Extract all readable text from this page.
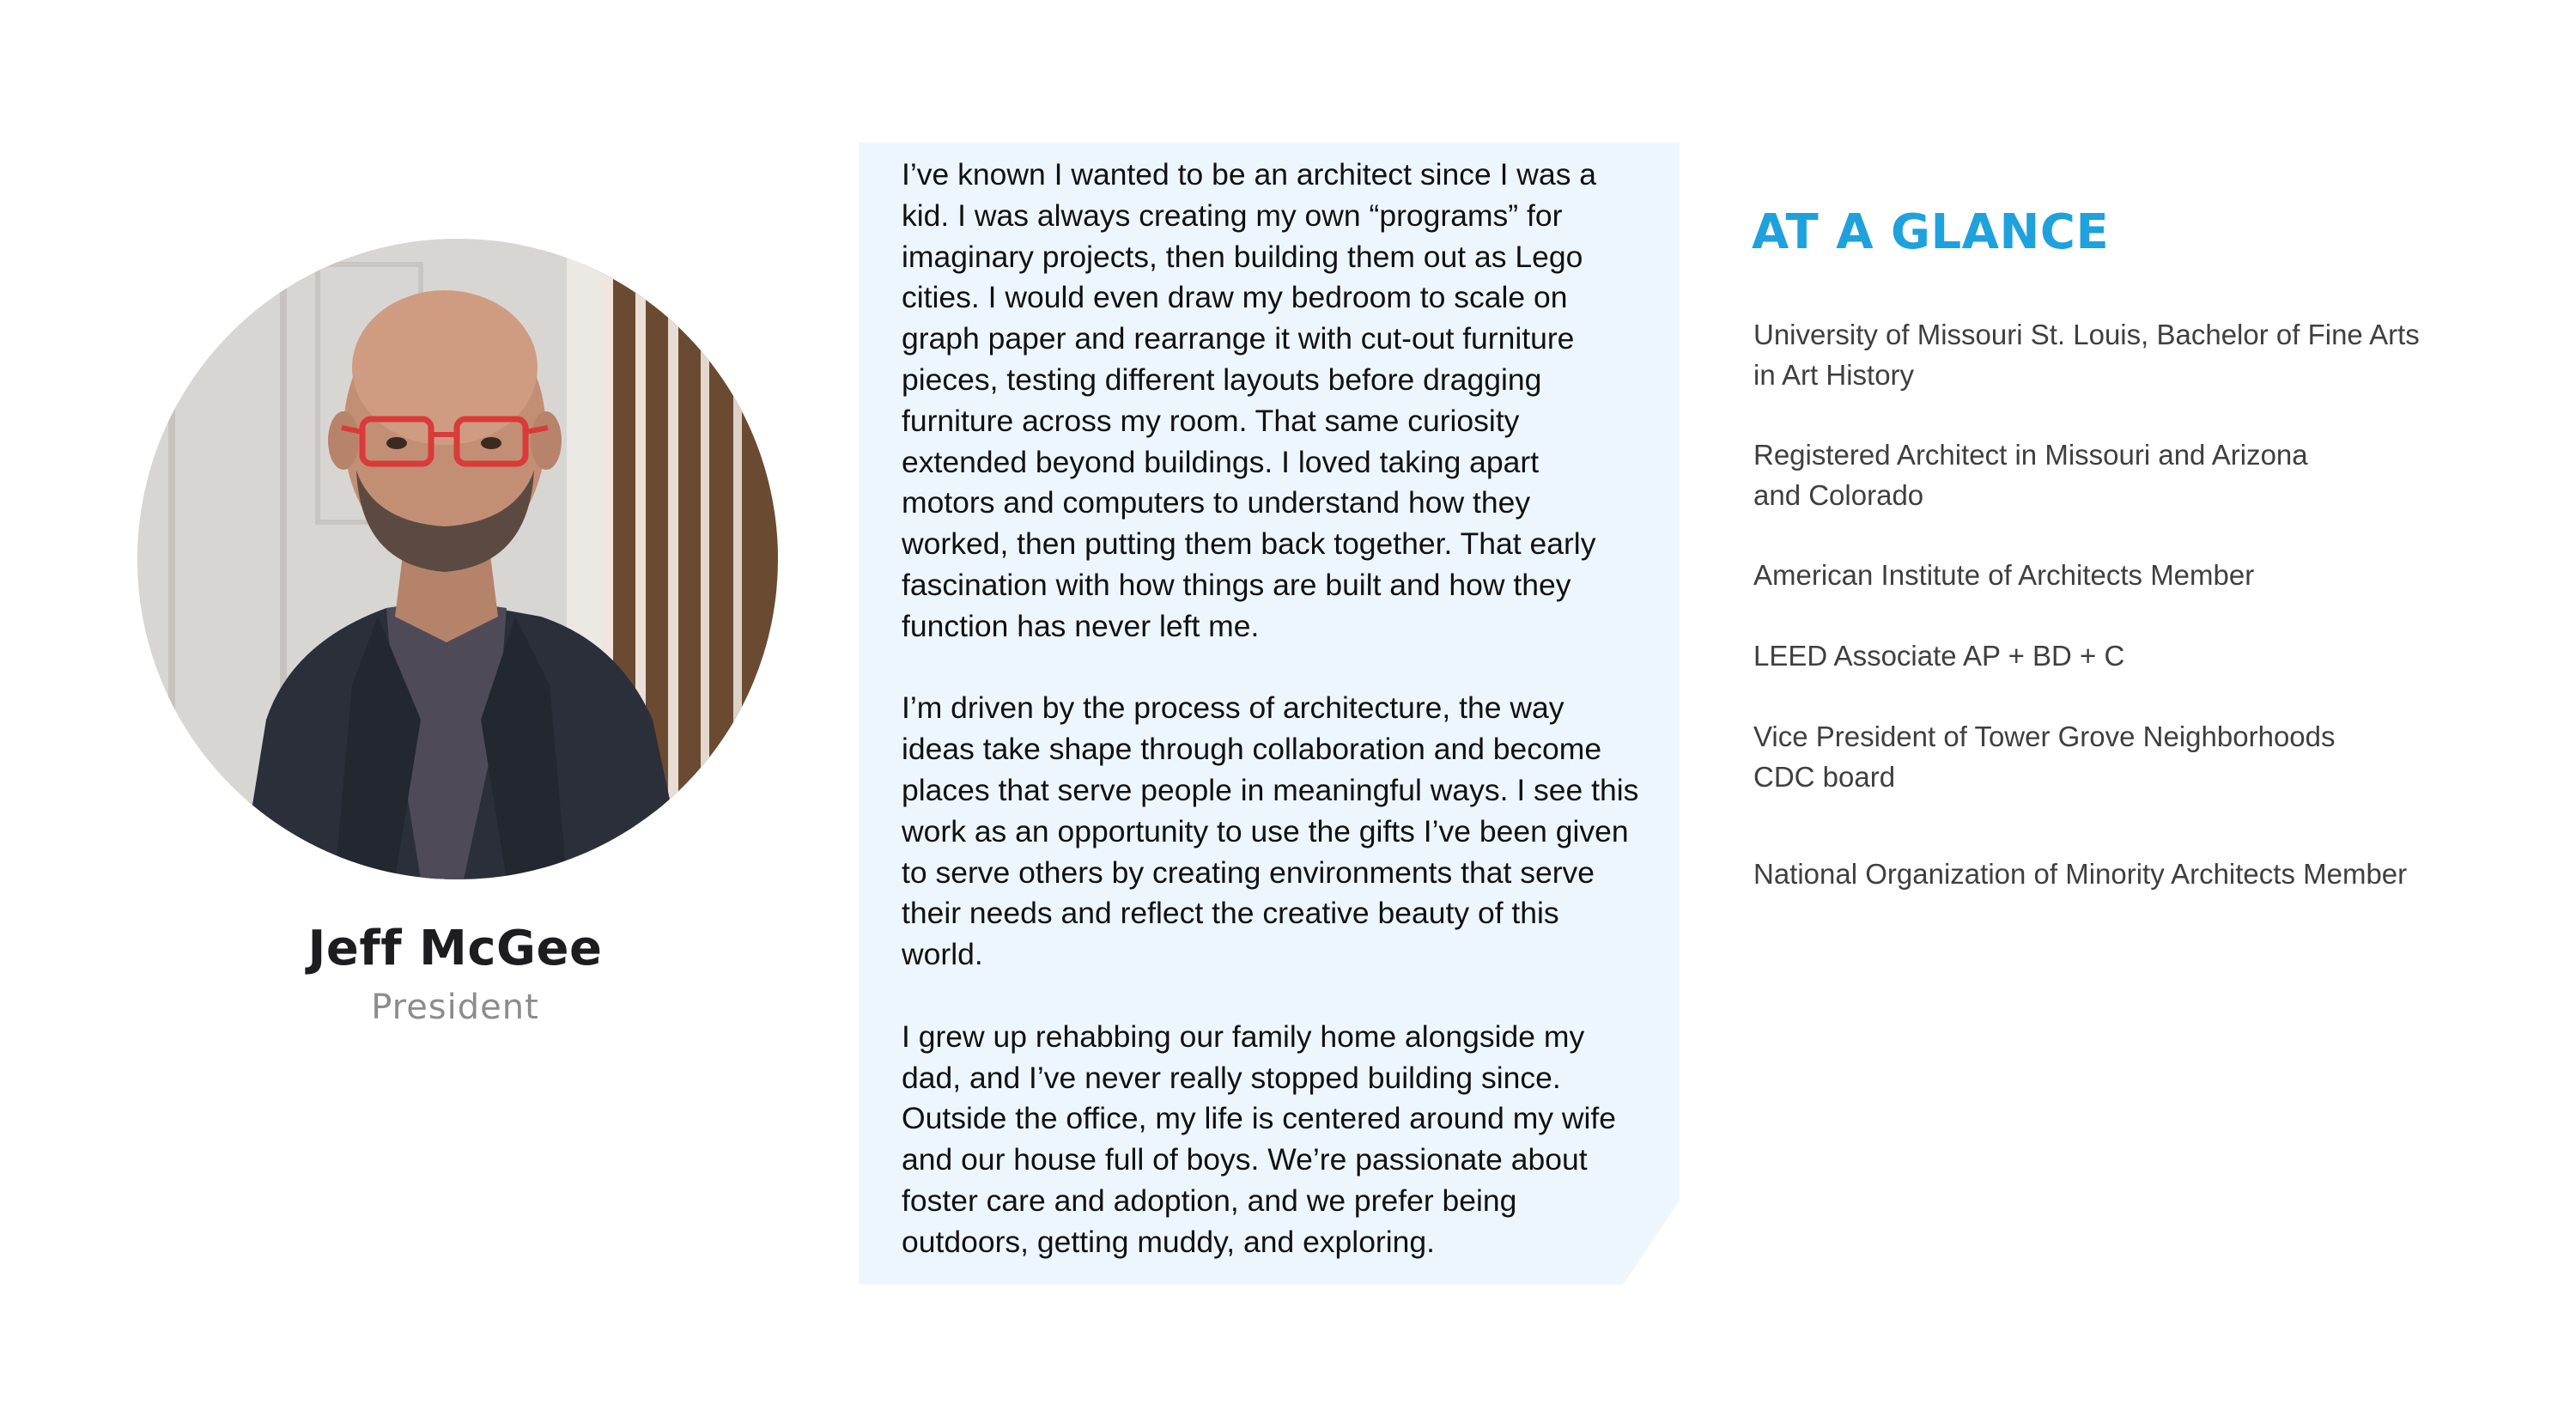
Jeff McGee
President

I’ve known I wanted to be an architect since I was a
kid. I was always creating my own “programs” for
imaginary projects, then building them out as Lego
cities. I would even draw my bedroom to scale on
graph paper and rearrange it with cut-out furniture
pieces, testing different layouts before dragging
furniture across my room. That same curiosity
extended beyond buildings. I loved taking apart
motors and computers to understand how they
worked, then putting them back together. That early
fascination with how things are built and how they
function has never left me.

I’m driven by the process of architecture, the way
ideas take shape through collaboration and become
places that serve people in meaningful ways. I see this
work as an opportunity to use the gifts I’ve been given
to serve others by creating environments that serve
their needs and reflect the creative beauty of this
world.

I grew up rehabbing our family home alongside my
dad, and I’ve never really stopped building since.
Outside the office, my life is centered around my wife
and our house full of boys. We’re passionate about
foster care and adoption, and we prefer being
outdoors, getting muddy, and exploring.

AT A GLANCE
University of Missouri St. Louis, Bachelor of Fine Arts
in Art History
Registered Architect in Missouri and Arizona
and Colorado
American Institute of Architects Member
LEED Associate AP + BD + C
Vice President of Tower Grove Neighborhoods
CDC board
National Organization of Minority Architects Member
